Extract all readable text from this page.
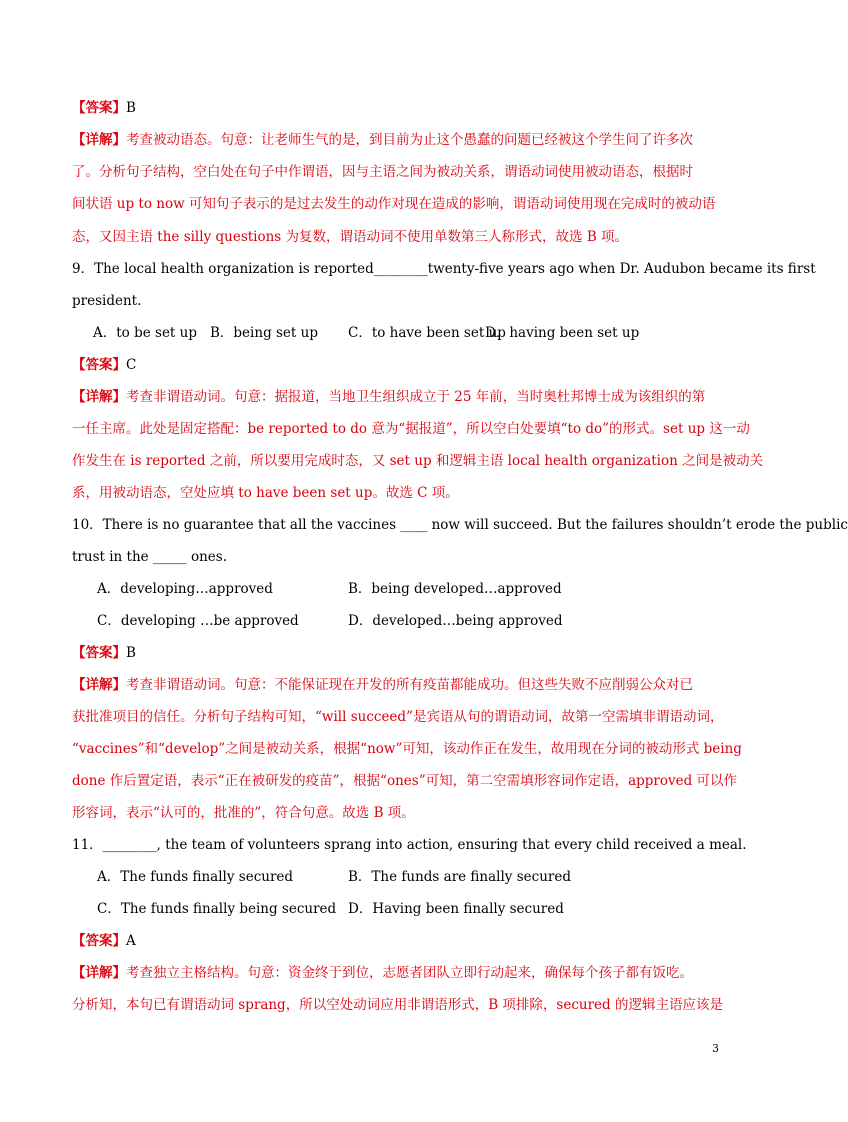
【答案】B
【详解】考查被动语态。句意：让老师生气的是，到目前为止这个愚蠢的问题已经被这个学生问了许多次
了。分析句子结构，空白处在句子中作谓语，因与主语之间为被动关系，谓语动词使用被动语态，根据时
间状语 up to now 可知句子表示的是过去发生的动作对现在造成的影响，谓语动词使用现在完成时的被动语
态，又因主语 the silly questions 为复数，谓语动词不使用单数第三人称形式，故选 B 项。
9．The local health organization is reported________twenty-five years ago when Dr. Audubon became its first
president.
A．to be set up B．being set up C．to have been set up
D．having been set up
【答案】C
【详解】考查非谓语动词。句意：据报道，当地卫生组织成立于 25 年前，当时奥杜邦博士成为该组织的第
一任主席。此处是固定搭配：be reported to do 意为“据报道”，所以空白处要填“to do”的形式。set up 这一动
作发生在 is reported 之前，所以要用完成时态，又 set up 和逻辑主语 local health organization 之间是被动关
系，用被动语态，空处应填 to have been set up。故选 C 项。
10．There is no guarantee that all the vaccines ____ now will succeed. But the failures shouldn’t erode the public
trust in the _____ ones.
A．developing…approved	B．being developed…approved
C．developing …be approved	D．developed…being approved
【答案】B
【详解】考查非谓语动词。句意：不能保证现在开发的所有疫苗都能成功。但这些失败不应削弱公众对已
获批准项目的信任。分析句子结构可知，“will succeed”是宾语从句的谓语动词，故第一空需填非谓语动词，
“vaccines”和“develop”之间是被动关系，根据“now”可知，该动作正在发生，故用现在分词的被动形式 being
done 作后置定语，表示“正在被研发的疫苗”，根据“ones”可知，第二空需填形容词作定语，approved 可以作
形容词，表示“认可的，批准的”，符合句意。故选 B 项。
11．________, the team of volunteers sprang into action, ensuring that every child received a meal.
A．The funds finally secured	B．The funds are finally secured
C．The funds finally being secured D．Having been finally secured
【答案】A
【详解】考查独立主格结构。句意：资金终于到位，志愿者团队立即行动起来，确保每个孩子都有饭吃。
分析知，本句已有谓语动词 sprang，所以空处动词应用非谓语形式，B 项排除，secured 的逻辑主语应该是
3
